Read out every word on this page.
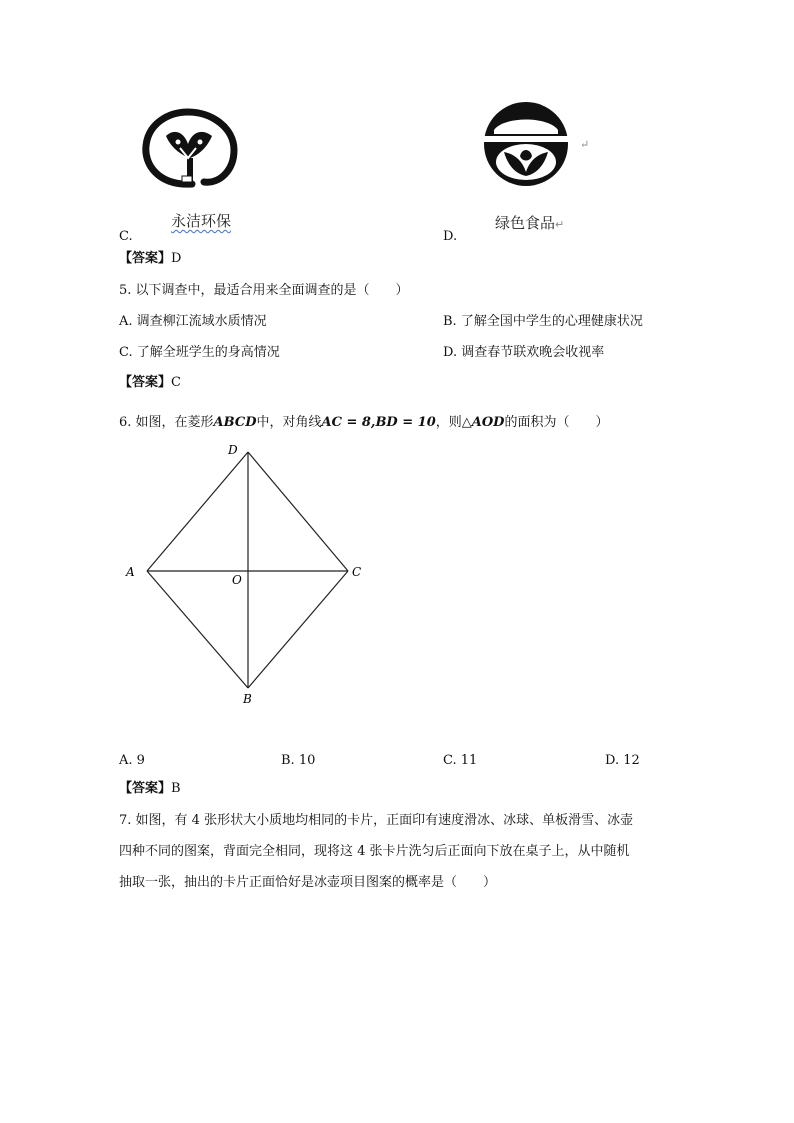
永洁环保
C.
↵
绿色食品↵
D.
【答案】D
5. 以下调查中，最适合用来全面调查的是（　　）
A. 调查柳江流域水质情况	B. 了解全国中学生的心理健康状况
C. 了解全班学生的身高情况	D. 调查春节联欢晚会收视率
【答案】C
6. 如图，在菱形ABCD中，对角线AC = 8,BD = 10，则△AOD的面积为（　　）
D
A	C
O
B
A. 9	B. 10	C. 11	D. 12
【答案】B
7. 如图，有 4 张形状大小质地均相同的卡片，正面印有速度滑冰、冰球、单板滑雪、冰壶
四种不同的图案，背面完全相同，现将这 4 张卡片洗匀后正面向下放在桌子上，从中随机
抽取一张，抽出的卡片正面恰好是冰壶项目图案的概率是（　　）
